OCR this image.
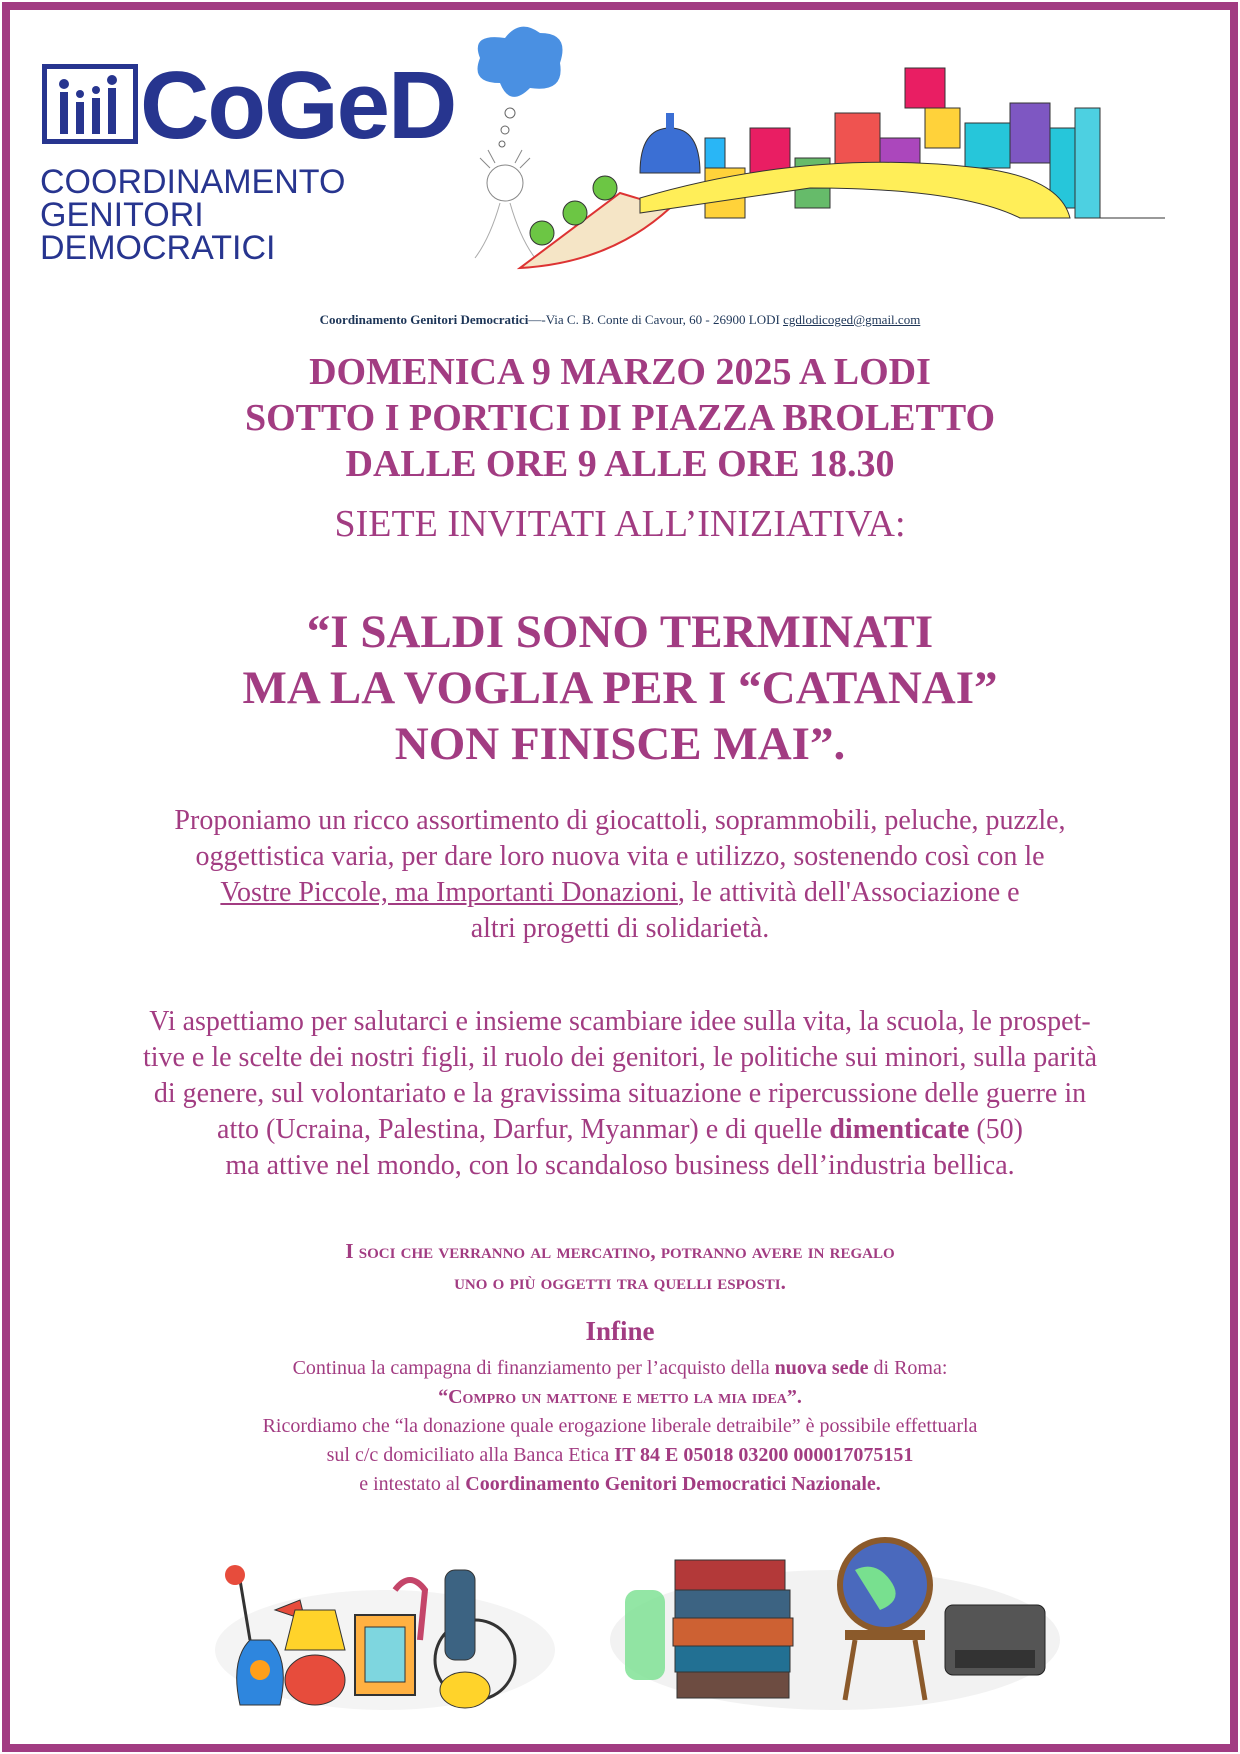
CoGeD
COORDINAMENTO
GENITORI
DEMOCRATICI
Coordinamento Genitori Democratici—-Via C. B. Conte di Cavour, 60 - 26900 LODI cgdlodicoged@gmail.com
DOMENICA 9 MARZO 2025 A LODI
SOTTO I PORTICI DI PIAZZA BROLETTO
DALLE ORE 9 ALLE ORE 18.30
SIETE INVITATI ALL’INIZIATIVA:
“I SALDI SONO TERMINATI
MA LA VOGLIA PER I “CATANAI”
NON FINISCE MAI”.
Proponiamo un ricco assortimento di giocattoli, soprammobili, peluche, puzzle,
oggettistica varia, per dare loro nuova vita e utilizzo, sostenendo così con le
Vostre Piccole, ma Importanti Donazioni, le attività dell'Associazione e
altri progetti di solidarietà.
Vi aspettiamo per salutarci e insieme scambiare idee sulla vita, la scuola, le prospet-
tive e le scelte dei nostri figli, il ruolo dei genitori, le politiche sui minori, sulla parità
di genere, sul volontariato e la gravissima situazione e ripercussione delle guerre in
atto (Ucraina, Palestina, Darfur, Myanmar) e di quelle dimenticate (50)
ma attive nel mondo, con lo scandaloso business dell’industria bellica.
I soci che verranno al mercatino, potranno avere in regalo
uno o più oggetti tra quelli esposti.
Infine
Continua la campagna di finanziamento per l’acquisto della nuova sede di Roma:
“Compro un mattone e metto la mia idea”.
Ricordiamo che “la donazione quale erogazione liberale detraibile” è possibile effettuarla
sul c/c domiciliato alla Banca Etica IT 84 E 05018 03200 000017075151
e intestato al Coordinamento Genitori Democratici Nazionale.
